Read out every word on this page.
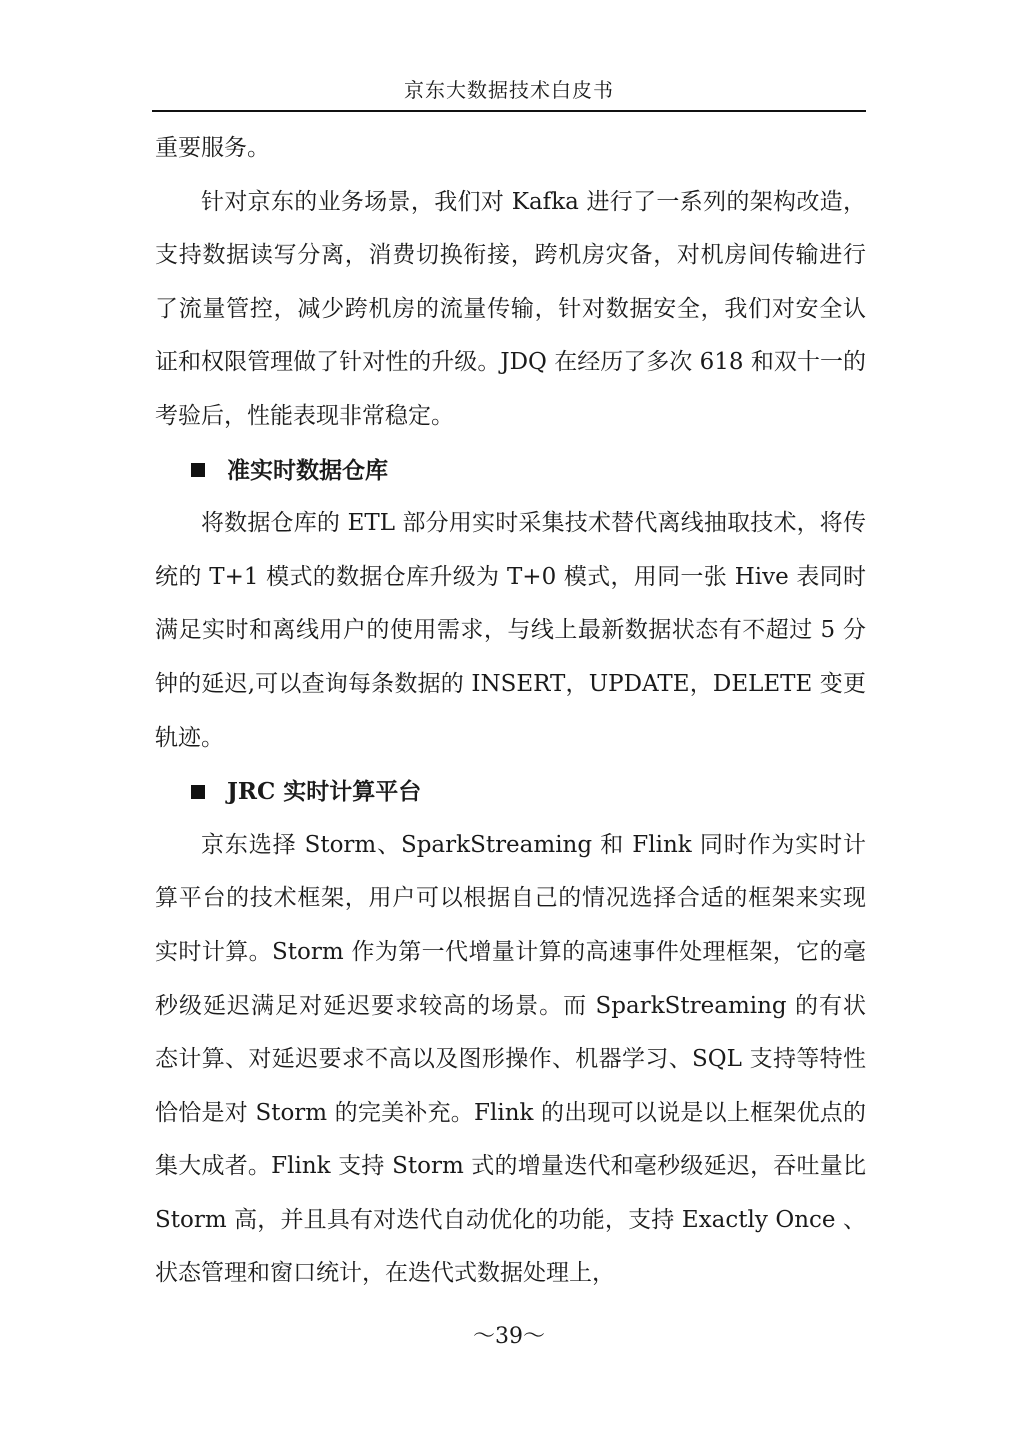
京东大数据技术白皮书

重要服务。

针对京东的业务场景，我们对 Kafka 进行了一系列的架构改造，支持数据读写分离，消费切换衔接，跨机房灾备，对机房间传输进行了流量管控，减少跨机房的流量传输，针对数据安全，我们对安全认证和权限管理做了针对性的升级。JDQ 在经历了多次 618 和双十一的考验后，性能表现非常稳定。

准实时数据仓库

将数据仓库的 ETL 部分用实时采集技术替代离线抽取技术，将传统的 T+1 模式的数据仓库升级为 T+0 模式，用同一张 Hive 表同时满足实时和离线用户的使用需求，与线上最新数据状态有不超过 5 分钟的延迟,可以查询每条数据的 INSERT，UPDATE，DELETE 变更轨迹。

JRC 实时计算平台

京东选择 Storm、SparkStreaming 和 Flink 同时作为实时计算平台的技术框架，用户可以根据自己的情况选择合适的框架来实现实时计算。Storm 作为第一代增量计算的高速事件处理框架，它的毫秒级延迟满足对延迟要求较高的场景。而 SparkStreaming 的有状态计算、对延迟要求不高以及图形操作、机器学习、SQL 支持等特性恰恰是对 Storm 的完美补充。Flink 的出现可以说是以上框架优点的集大成者。Flink 支持 Storm 式的增量迭代和毫秒级延迟，吞吐量比 Storm 高，并且具有对迭代自动优化的功能，支持 Exactly Once 、状态管理和窗口统计，在迭代式数据处理上，

～39～
